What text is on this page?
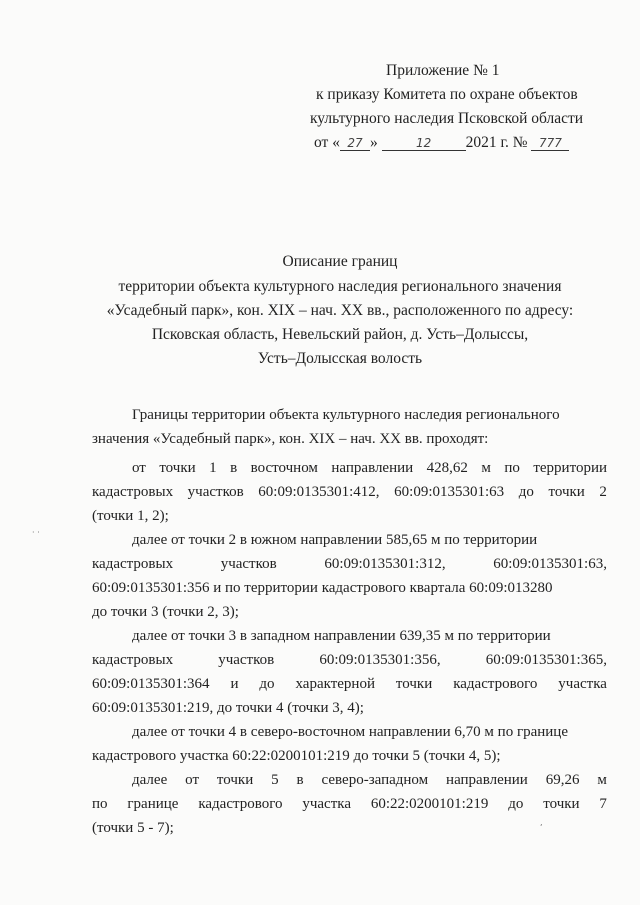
Приложение № 1
к приказу Комитета по охране объектов
культурного наследия Псковской области
от « 27 »	12 2021 г. № 777
Описание границ
территории объекта культурного наследия регионального значения
«Усадебный парк», кон. XIX – нач. XX вв., расположенного по адресу:
Псковская область, Невельский район, д. Усть–Долыссы,
Усть–Долысская волость
Границы территории объекта культурного наследия регионального
значения «Усадебный парк», кон. XIX – нач. XX вв. проходят:
от точки 1 в восточном направлении 428,62 м по территории
кадастровых участков 60:09:0135301:412, 60:09:0135301:63 до точки 2
(точки 1, 2);
далее от точки 2 в южном направлении 585,65 м по территории
кадастровых	участков	60:09:0135301:312,	60:09:0135301:63,
60:09:0135301:356 и по территории кадастрового квартала 60:09:013280
до точки 3 (точки 2, 3);
далее от точки 3 в западном направлении 639,35 м по территории
кадастровых	участков	60:09:0135301:356,	60:09:0135301:365,
60:09:0135301:364 и до характерной точки кадастрового участка
60:09:0135301:219, до точки 4 (точки 3, 4);
далее от точки 4 в северо-восточном направлении 6,70 м по границе
кадастрового участка 60:22:0200101:219 до точки 5 (точки 4, 5);
далее от точки 5 в северо-западном направлении 69,26 м
по границе кадастрового участка 60:22:0200101:219 до точки 7
(точки 5 - 7);
· ·
,
